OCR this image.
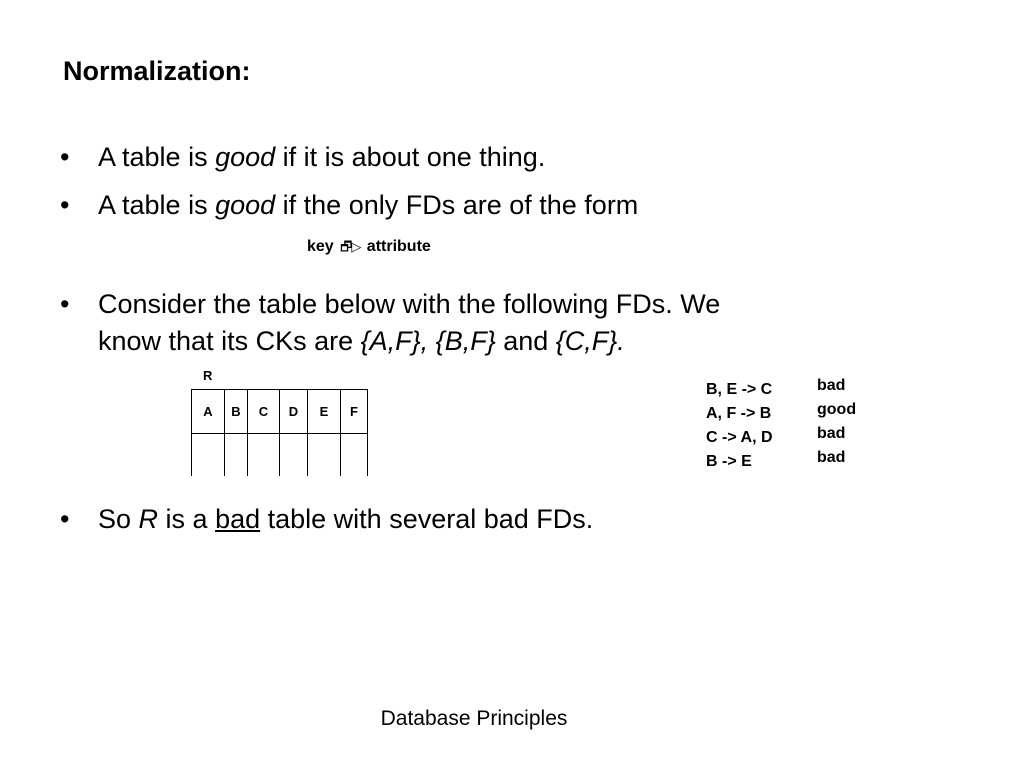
Normalization:
• A table is good if it is about one thing.
• A table is good if the only FDs are of the form
key 🗗▷ attribute
• Consider the table below with the following FDs. We
know that its CKs are {A,F}, {B,F} and {C,F}.
R
A	B	C	D	E	F

B, E -> C	bad
A, F -> B	good
C -> A, D	bad
B -> E	bad
• So R is a bad table with several bad FDs.
Database Principles
